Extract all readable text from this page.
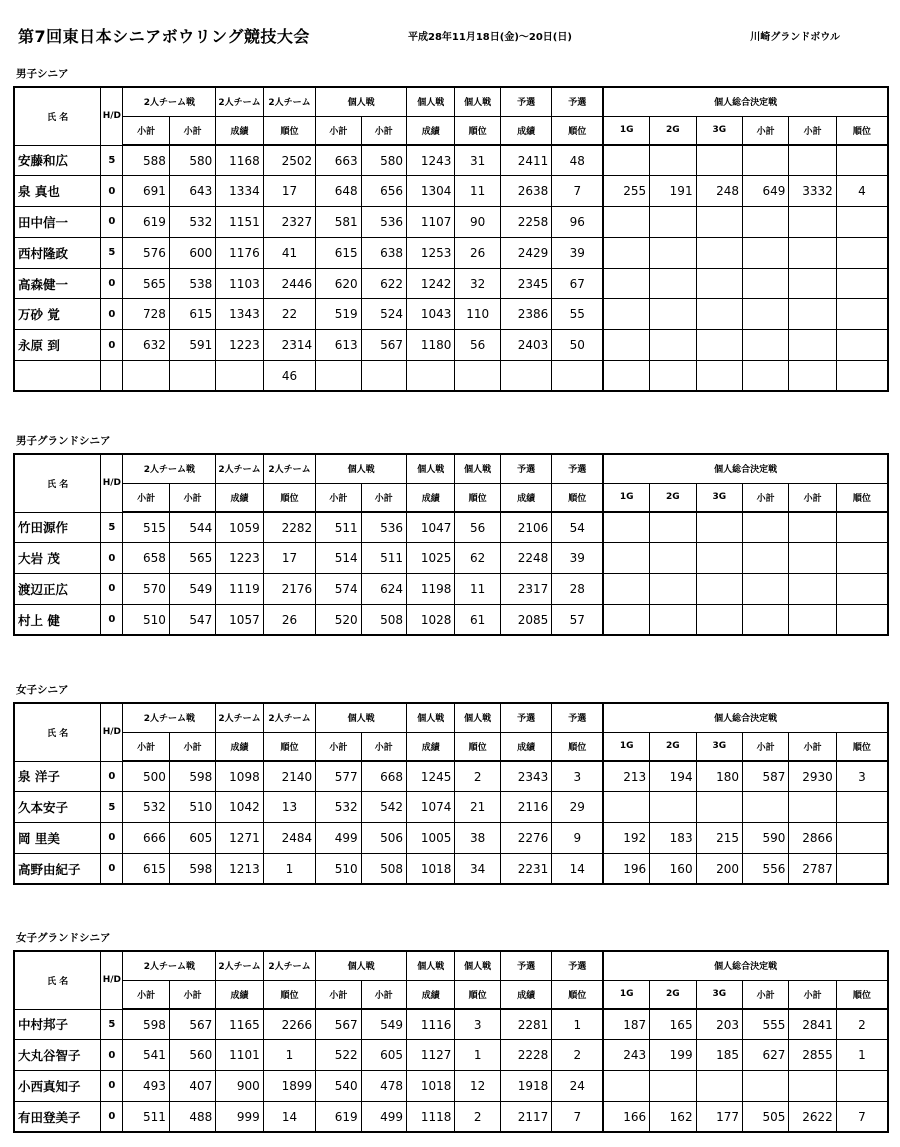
第7回東日本シニアボウリング競技大会	平成28年11月18日(金)～20日(日)	川崎グランドボウル
男子シニア
氏 名	H/D	2人チーム戦		2人チーム	2人チーム	個人戦		個人戦	個人戦	予選	予選	個人総合決定戦					
		小計	小計	成績	順位	小計	小計	成績	順位	成績	順位	1G	2G	3G	小計	小計	順位
安藤和広	5	588	580	1168	2502	663	580	1243	31	2411	48						
泉 真也	0	691	643	1334	17	648	656	1304	11	2638	7	255	191	248	649	3332	4
田中信一	0	619	532	1151	2327	581	536	1107	90	2258	96						
西村隆政	5	576	600	1176	41	615	638	1253	26	2429	39						
高森健一	0	565	538	1103	2446	620	622	1242	32	2345	67						
万砂 覚	0	728	615	1343	22	519	524	1043	110	2386	55						
永原 到	0	632	591	1223	2314	613	567	1180	56	2403	50						
					46												
男子グランドシニア
氏 名	H/D	2人チーム戦		2人チーム	2人チーム	個人戦		個人戦	個人戦	予選	予選	個人総合決定戦					
		小計	小計	成績	順位	小計	小計	成績	順位	成績	順位	1G	2G	3G	小計	小計	順位
竹田源作	5	515	544	1059	2282	511	536	1047	56	2106	54						
大岩 茂	0	658	565	1223	17	514	511	1025	62	2248	39						
渡辺正広	0	570	549	1119	2176	574	624	1198	11	2317	28						
村上 健	0	510	547	1057	26	520	508	1028	61	2085	57						
女子シニア
氏 名	H/D	2人チーム戦		2人チーム	2人チーム	個人戦		個人戦	個人戦	予選	予選	個人総合決定戦					
		小計	小計	成績	順位	小計	小計	成績	順位	成績	順位	1G	2G	3G	小計	小計	順位
泉 洋子	0	500	598	1098	2140	577	668	1245	2	2343	3	213	194	180	587	2930	3
久本安子	5	532	510	1042	13	532	542	1074	21	2116	29						
岡 里美	0	666	605	1271	2484	499	506	1005	38	2276	9	192	183	215	590	2866	
高野由紀子	0	615	598	1213	1	510	508	1018	34	2231	14	196	160	200	556	2787	
女子グランドシニア
氏 名	H/D	2人チーム戦		2人チーム	2人チーム	個人戦		個人戦	個人戦	予選	予選	個人総合決定戦					
		小計	小計	成績	順位	小計	小計	成績	順位	成績	順位	1G	2G	3G	小計	小計	順位
中村邦子	5	598	567	1165	2266	567	549	1116	3	2281	1	187	165	203	555	2841	2
大丸谷智子	0	541	560	1101	1	522	605	1127	1	2228	2	243	199	185	627	2855	1
小西真知子	0	493	407	900	1899	540	478	1018	12	1918	24						
有田登美子	0	511	488	999	14	619	499	1118	2	2117	7	166	162	177	505	2622	7
